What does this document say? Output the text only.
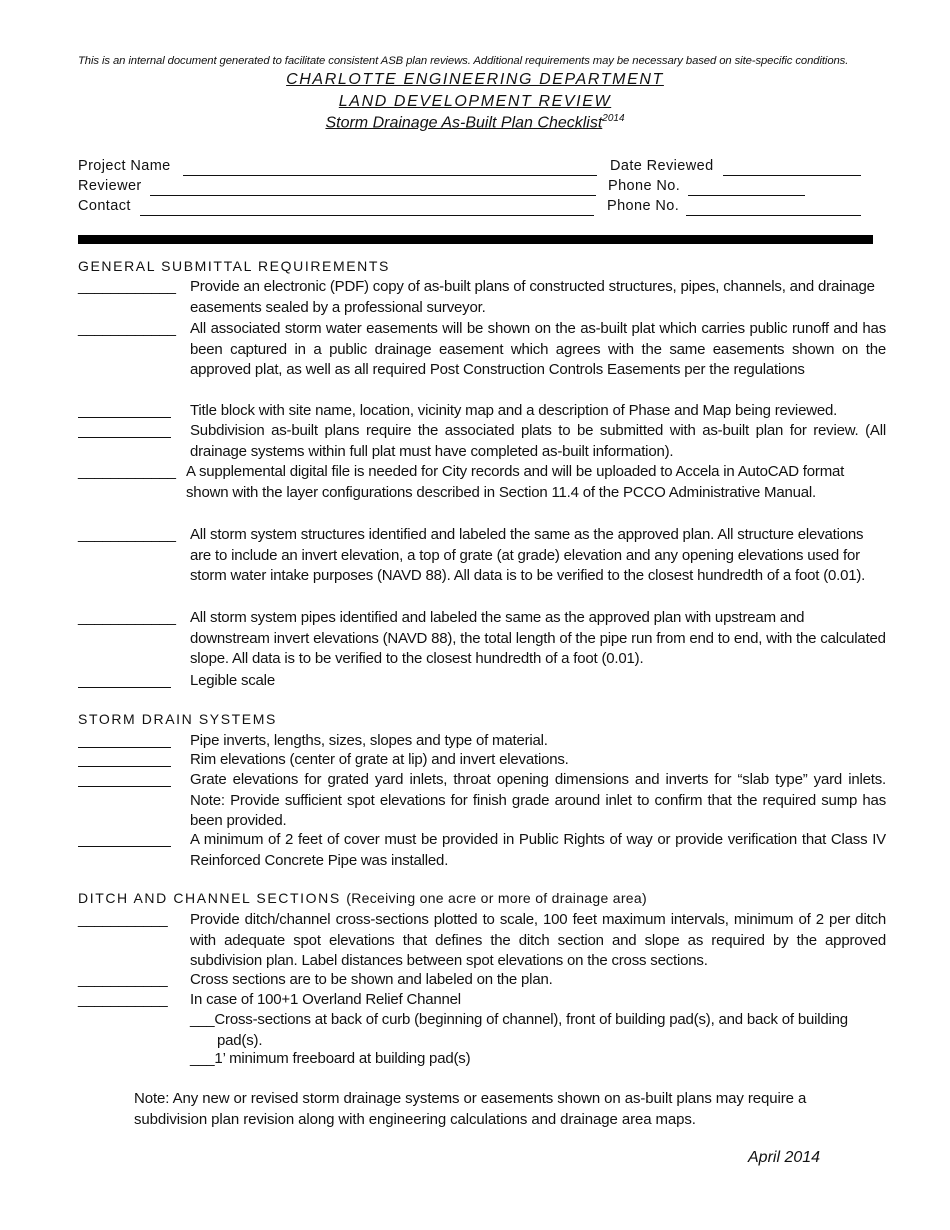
This is an internal document generated to facilitate consistent ASB plan reviews. Additional requirements may be necessary based on site-specific conditions.
CHARLOTTE ENGINEERING DEPARTMENT
LAND DEVELOPMENT REVIEW
Storm Drainage As-Built Plan Checklist$^{2014}$
Project Name	Date Reviewed
Reviewer	Phone No.
Contact	Phone No.
GENERAL SUBMITTAL REQUIREMENTS
____________ Provide an electronic (PDF) copy of as-built plans of constructed structures, pipes, channels, and drainage easements sealed by a professional surveyor.
____________ All associated storm water easements will be shown on the as-built plat which carries public runoff and has been captured in a public drainage easement which agrees with the same easements shown on the approved plat, as well as all required Post Construction Controls Easements per the regulations
Title block with site name, location, vicinity map and a description of Phase and Map being reviewed.
Subdivision as-built plans require the associated plats to be submitted with as-built plan for review. (All drainage systems within full plat must have completed as-built information).
____________ A supplemental digital file is needed for City records and will be uploaded to Accela in AutoCAD format shown with the layer configurations described in Section 11.4 of the PCCO Administrative Manual.
____________ All storm system structures identified and labeled the same as the approved plan. All structure elevations are to include an invert elevation, a top of grate (at grade) elevation and any opening elevations used for storm water intake purposes (NAVD 88). All data is to be verified to the closest hundredth of a foot (0.01).
____________ All storm system pipes identified and labeled the same as the approved plan with upstream and downstream invert elevations (NAVD 88), the total length of the pipe run from end to end, with the calculated slope. All data is to be verified to the closest hundredth of a foot (0.01).
Legible scale
STORM DRAIN SYSTEMS
Pipe inverts, lengths, sizes, slopes and type of material.
Rim elevations (center of grate at lip) and invert elevations.
Grate elevations for grated yard inlets, throat opening dimensions and inverts for “slab type” yard inlets. Note: Provide sufficient spot elevations for finish grade around inlet to confirm that the required sump has been provided.
A minimum of 2 feet of cover must be provided in Public Rights of way or provide verification that Class IV Reinforced Concrete Pipe was installed.
DITCH AND CHANNEL SECTIONS (Receiving one acre or more of drainage area)
___________ Provide ditch/channel cross-sections plotted to scale, 100 feet maximum intervals, minimum of 2 per ditch with adequate spot elevations that defines the ditch section and slope as required by the approved subdivision plan. Label distances between spot elevations on the cross sections.
___________ Cross sections are to be shown and labeled on the plan.
___________ In case of 100+1 Overland Relief Channel
___Cross-sections at back of curb (beginning of channel), front of building pad(s), and back of building pad(s).
___1’ minimum freeboard at building pad(s)
Note: Any new or revised storm drainage systems or easements shown on as-built plans may require a subdivision plan revision along with engineering calculations and drainage area maps.
April 2014
